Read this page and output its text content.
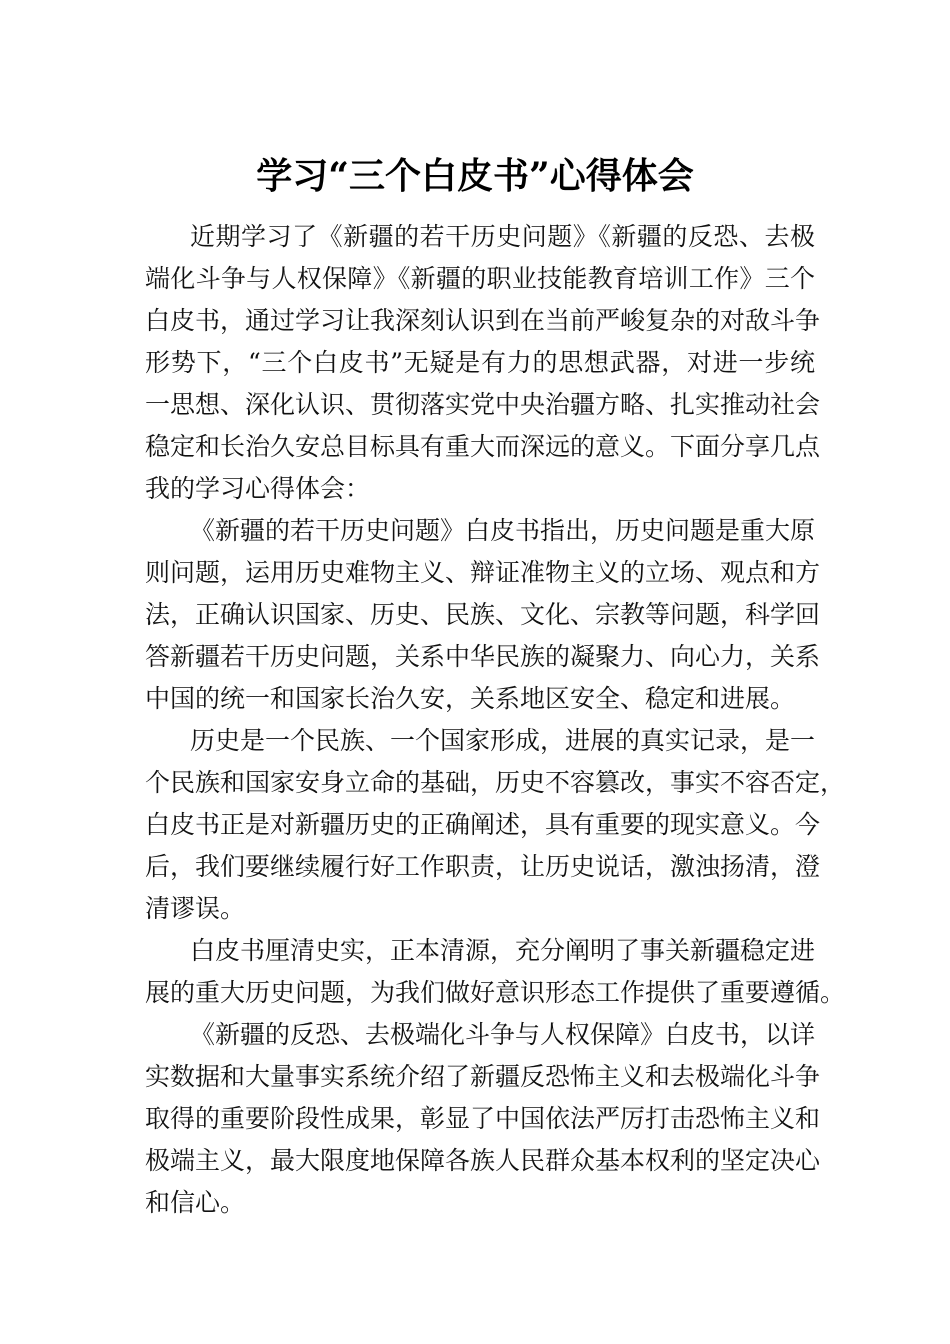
学习“三个白皮书”心得体会
近期学习了《新疆的若干历史问题》《新疆的反恐、去极
端化斗争与人权保障》《新疆的职业技能教育培训工作》三个
白皮书，通过学习让我深刻认识到在当前严峻复杂的对敌斗争
形势下，“三个白皮书”无疑是有力的思想武器，对进一步统
一思想、深化认识、贯彻落实党中央治疆方略、扎实推动社会
稳定和长治久安总目标具有重大而深远的意义。下面分享几点
我的学习心得体会：
《新疆的若干历史问题》白皮书指出，历史问题是重大原
则问题，运用历史难物主义、辩证准物主义的立场、观点和方
法，正确认识国家、历史、民族、文化、宗教等问题，科学回
答新疆若干历史问题，关系中华民族的凝聚力、向心力，关系
中国的统一和国家长治久安，关系地区安全、稳定和进展。
历史是一个民族、一个国家形成，进展的真实记录，是一
个民族和国家安身立命的基础，历史不容篡改，事实不容否定，
白皮书正是对新疆历史的正确阐述，具有重要的现实意义。今
后，我们要继续履行好工作职责，让历史说话，激浊扬清，澄
清谬误。
白皮书厘清史实，正本清源，充分阐明了事关新疆稳定进
展的重大历史问题，为我们做好意识形态工作提供了重要遵循。
《新疆的反恐、去极端化斗争与人权保障》白皮书，以详
实数据和大量事实系统介绍了新疆反恐怖主义和去极端化斗争
取得的重要阶段性成果，彰显了中国依法严厉打击恐怖主义和
极端主义，最大限度地保障各族人民群众基本权利的坚定决心
和信心。
